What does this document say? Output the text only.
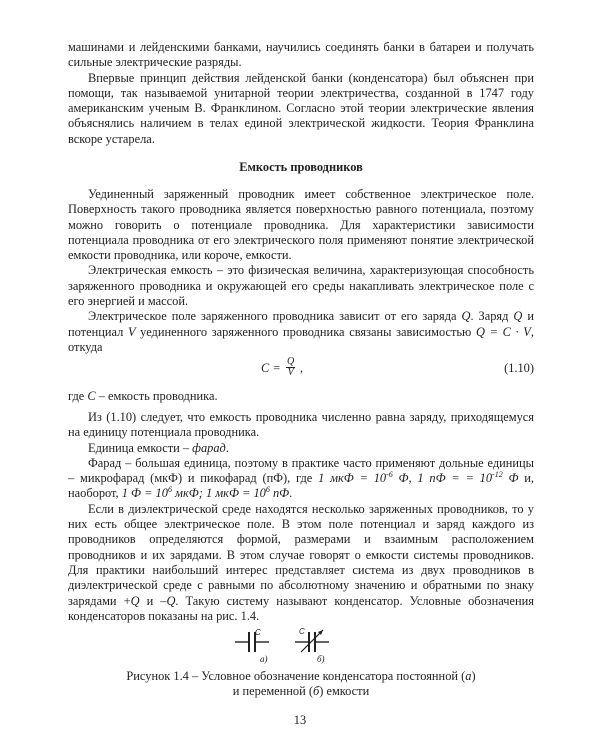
машинами и лейденскими банками, научились соединять банки в батареи и получать сильные электрические разряды.

Впервые принцип действия лейденской банки (конденсатора) был объяснен при помощи, так называемой унитарной теории электричества, созданной в 1747 году американским ученым В. Франклином. Согласно этой теории электрические явления объяснялись наличием в телах единой электрической жидкости. Теория Франклина вскоре устарела.

Емкость проводников

Уединенный заряженный проводник имеет собственное электрическое поле. Поверхность такого проводника является поверхностью равного потенциала, поэтому можно говорить о потенциале проводника. Для характеристики зависимости потенциала проводника от его электрического поля применяют понятие электрической емкости проводника, или короче, емкости.

Электрическая емкость – это физическая величина, характеризующая способность заряженного проводника и окружающей его среды накапливать электрическое поле с его энергией и массой.

Электрическое поле заряженного проводника зависит от его заряда Q. Заряд Q и потенциал V уединенного заряженного проводника связаны зависимостью Q = C · V, откуда

$C = \frac{Q}{V}$ ,	(1.10)

где C – емкость проводника.

Из (1.10) следует, что емкость проводника численно равна заряду, приходящемуся на единицу потенциала проводника.

Единица емкости – фарад.

Фарад – большая единица, поэтому в практике часто применяют дольные единицы – микрофарад (мкФ) и пикофарад (пФ), где 1 мкФ = $10^{-6}$ Ф, 1 пФ = = $10^{-12}$ Ф и, наоборот, 1 $Ф = 10^6$ мкФ; 1 мкФ = $10^6$ пФ.

Если в диэлектрической среде находятся несколько заряженных проводников, то у них есть общее электрическое поле. В этом поле потенциал и заряд каждого из проводников определяются формой, размерами и взаимным расположением проводников и их зарядами. В этом случае говорят о емкости системы проводников. Для практики наибольший интерес представляет система из двух проводников в диэлектрической среде с равными по абсолютному значению и обратными по знаку зарядами +Q и –Q. Такую систему называют конденсатор. Условные обозначения конденсаторов показаны на рис. 1.4.

C
а)
C
б)
Рисунок 1.4 – Условное обозначение конденсатора постоянной (а)
и переменной (б) емкости
13
